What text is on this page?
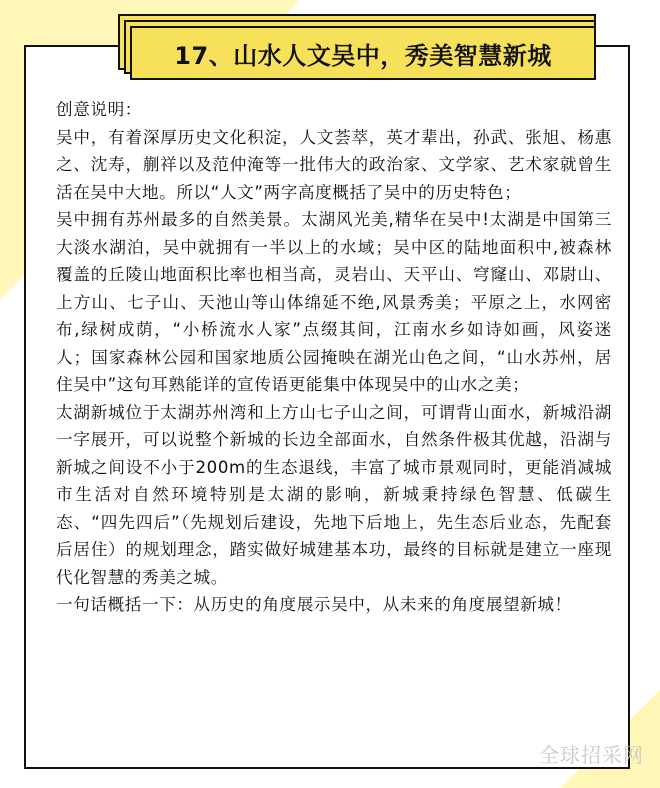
17、山水人文吴中，秀美智慧新城

创意说明：

吴中，有着深厚历史文化积淀，人文荟萃，英才辈出，孙武、张旭、杨惠之、沈寿，蒯祥以及范仲淹等一批伟大的政治家、文学家、艺术家就曾生活在吴中大地。所以“人文”两字高度概括了吴中的历史特色；

吴中拥有苏州最多的自然美景。太湖风光美,精华在吴中!太湖是中国第三大淡水湖泊，吴中就拥有一半以上的水域；吴中区的陆地面积中,被森林覆盖的丘陵山地面积比率也相当高，灵岩山、天平山、穹窿山、邓尉山、上方山、七子山、天池山等山体绵延不绝,风景秀美；平原之上，水网密布,绿树成荫，“小桥流水人家”点缀其间，江南水乡如诗如画，风姿迷人；国家森林公园和国家地质公园掩映在湖光山色之间，“山水苏州，居住吴中”这句耳熟能详的宣传语更能集中体现吴中的山水之美；

太湖新城位于太湖苏州湾和上方山七子山之间，可谓背山面水，新城沿湖一字展开，可以说整个新城的长边全部面水，自然条件极其优越，沿湖与新城之间设不小于200m的生态退线，丰富了城市景观同时，更能消减城市生活对自然环境特别是太湖的影响，新城秉持绿色智慧、低碳生态、“四先四后”（先规划后建设，先地下后地上，先生态后业态，先配套后居住）的规划理念，踏实做好城建基本功，最终的目标就是建立一座现代化智慧的秀美之城。

一句话概括一下：从历史的角度展示吴中，从未来的角度展望新城！

全球招采网
